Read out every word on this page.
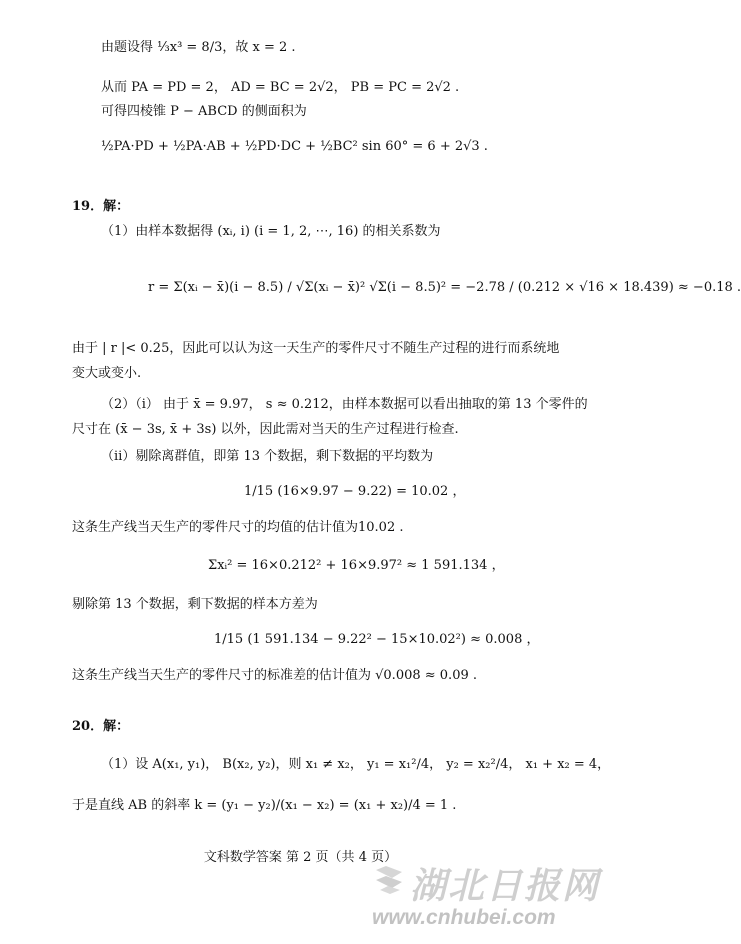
由题设得 ⅓x³ = 8/3，故 x = 2 .
从而 PA = PD = 2， AD = BC = 2√2， PB = PC = 2√2 .
可得四棱锥 P − ABCD 的侧面积为
½PA·PD + ½PA·AB + ½PD·DC + ½BC² sin 60° = 6 + 2√3 .
19．解：
（1）由样本数据得 (xᵢ, i) (i = 1, 2, ⋯, 16) 的相关系数为
r = Σ(xᵢ − x̄)(i − 8.5) / √Σ(xᵢ − x̄)² √Σ(i − 8.5)² = −2.78 / (0.212 × √16 × 18.439) ≈ −0.18 .
由于 | r |< 0.25，因此可以认为这一天生产的零件尺寸不随生产过程的进行而系统地
变大或变小.
（2）（ⅰ） 由于 x̄ = 9.97， s ≈ 0.212，由样本数据可以看出抽取的第 13 个零件的
尺寸在 (x̄ − 3s, x̄ + 3s) 以外，因此需对当天的生产过程进行检查.
（ⅱ）剔除离群值，即第 13 个数据，剩下数据的平均数为
1/15 (16×9.97 − 9.22) = 10.02 ，
这条生产线当天生产的零件尺寸的均值的估计值为10.02 .
Σxᵢ² = 16×0.212² + 16×9.97² ≈ 1 591.134 ，
剔除第 13 个数据，剩下数据的样本方差为
1/15 (1 591.134 − 9.22² − 15×10.02²) ≈ 0.008 ，
这条生产线当天生产的零件尺寸的标准差的估计值为 √0.008 ≈ 0.09 .
20．解：
（1）设 A(x₁, y₁)， B(x₂, y₂)，则 x₁ ≠ x₂， y₁ = x₁²/4， y₂ = x₂²/4， x₁ + x₂ = 4，
于是直线 AB 的斜率 k = (y₁ − y₂)/(x₁ − x₂) = (x₁ + x₂)/4 = 1 .
文科数学答案 第 2 页（共 4 页）
湖北日报网
www.cnhubei.com
